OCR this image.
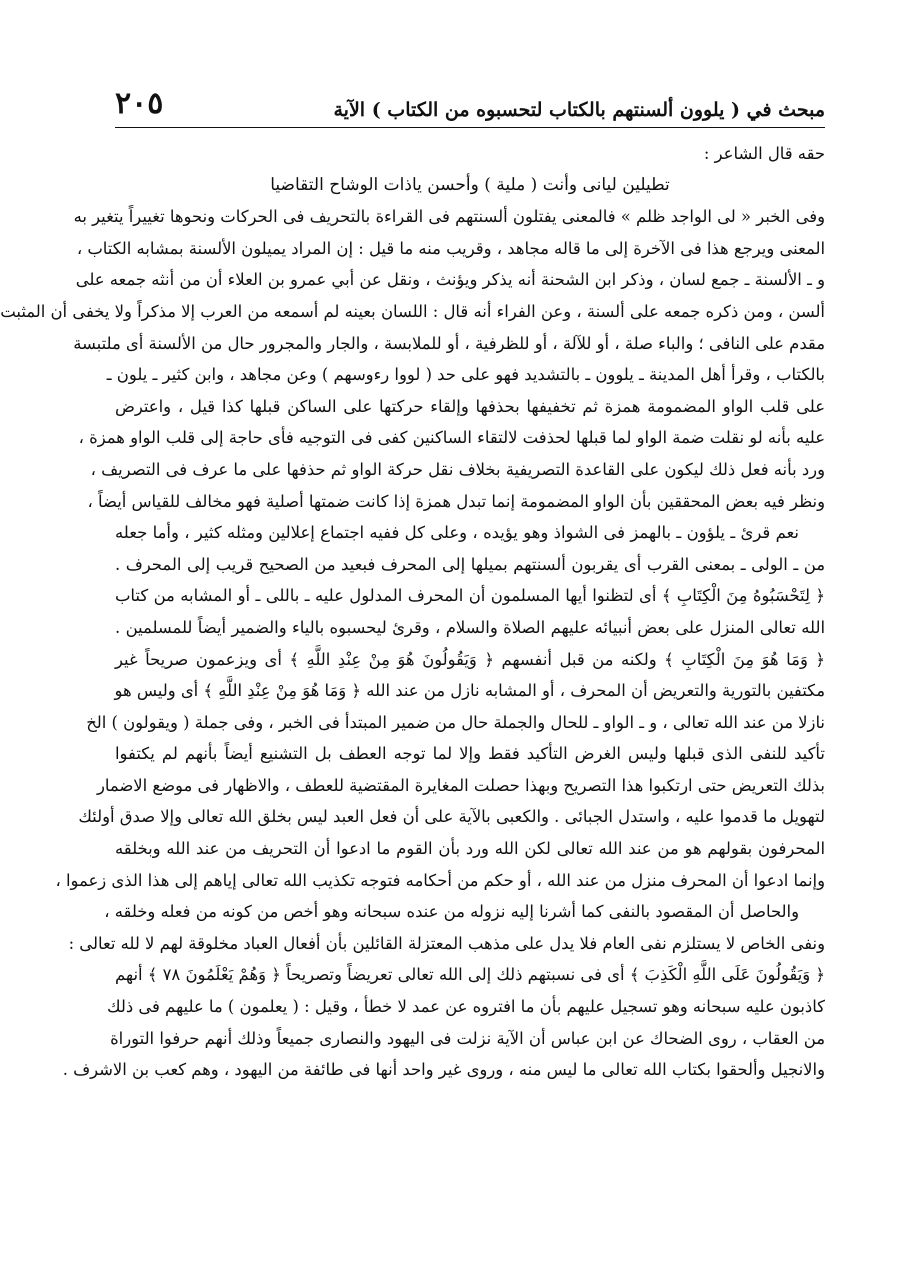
مبحث في ( يلوون ألسنتهم بالكتاب لتحسبوه من الكتاب ) الآية
٢٠٥
حقه قال الشاعر :
تطيلين ليانى وأنت ( ملية ) وأحسن ياذات الوشاح التقاضيا
وفى الخبر « لى الواجد ظلم » فالمعنى يفتلون ألسنتهم فى القراءة بالتحريف فى الحركات ونحوها تغييراً يتغير به
المعنى ويرجع هذا فى الآخرة إلى ما قاله مجاهد ، وقريب منه ما قيل : إن المراد يميلون الألسنة بمشابه الكتاب ،
و ـ الألسنة ـ جمع لسان ، وذكر ابن الشحنة أنه يذكر ويؤنث ، ونقل عن أبي عمرو بن العلاء أن من أنثه جمعه على
ألسن ، ومن ذكره جمعه على ألسنة ، وعن الفراء أنه قال : اللسان بعينه لم أسمعه من العرب إلا مذكراً ولا يخفى أن المثبت
مقدم على النافى ؛ والباء صلة ، أو للآلة ، أو للظرفية ، أو للملابسة ، والجار والمجرور حال من الألسنة أى ملتبسة
بالكتاب ، وقرأ أهل المدينة ـ يلوون ـ بالتشديد فهو على حد ( لووا رءوسهم ) وعن مجاهد ، وابن كثير ـ يلون ـ
على قلب الواو المضمومة همزة ثم تخفيفها بحذفها وإلقاء حركتها على الساكن قبلها كذا قيل ، واعترض
عليه بأنه لو نقلت ضمة الواو لما قبلها لحذفت لالتقاء الساكنين كفى فى التوجيه فأى حاجة إلى قلب الواو همزة ،
ورد بأنه فعل ذلك ليكون على القاعدة التصريفية بخلاف نقل حركة الواو ثم حذفها على ما عرف فى التصريف ،
ونظر فيه بعض المحققين بأن الواو المضمومة إنما تبدل همزة إذا كانت ضمتها أصلية فهو مخالف للقياس أيضاً ،
نعم قرئ ـ يلؤون ـ بالهمز فى الشواذ وهو يؤيده ، وعلى كل ففيه اجتماع إعلالين ومثله كثير ، وأما جعله
من ـ الولى ـ بمعنى القرب أى يقربون ألسنتهم بميلها إلى المحرف فبعيد من الصحيح قريب إلى المحرف .
﴿ لِتَحْسَبُوهُ مِنَ الْكِتَابِ ﴾ أى لتظنوا أيها المسلمون أن المحرف المدلول عليه ـ باللى ـ أو المشابه من كتاب
الله تعالى المنزل على بعض أنبيائه عليهم الصلاة والسلام ، وقرئ ليحسبوه بالياء والضمير أيضاً للمسلمين .
﴿ وَمَا هُوَ مِنَ الْكِتَابِ ﴾ ولكنه من قبل أنفسهم ﴿ وَيَقُولُونَ هُوَ مِنْ عِنْدِ اللَّهِ ﴾ أى ويزعمون صريحاً غير
مكتفين بالتورية والتعريض أن المحرف ، أو المشابه نازل من عند الله ﴿ وَمَا هُوَ مِنْ عِنْدِ اللَّهِ ﴾ أى وليس هو
نازلا من عند الله تعالى ، و ـ الواو ـ للحال والجملة حال من ضمير المبتدأ فى الخبر ، وفى جملة ( ويقولون ) الخ
تأكيد للنفى الذى قبلها وليس الغرض التأكيد فقط وإلا لما توجه العطف بل التشنيع أيضاً بأنهم لم يكتفوا
بذلك التعريض حتى ارتكبوا هذا التصريح وبهذا حصلت المغايرة المقتضية للعطف ، والاظهار فى موضع الاضمار
لتهويل ما قدموا عليه ، واستدل الجبائى . والكعبى بالآية على أن فعل العبد ليس بخلق الله تعالى وإلا صدق أولئك
المحرفون بقولهم هو من عند الله تعالى لكن الله ورد بأن القوم ما ادعوا أن التحريف من عند الله وبخلقه
وإنما ادعوا أن المحرف منزل من عند الله ، أو حكم من أحكامه فتوجه تكذيب الله تعالى إياهم إلى هذا الذى زعموا ،
والحاصل أن المقصود بالنفى كما أشرنا إليه نزوله من عنده سبحانه وهو أخص من كونه من فعله وخلقه ،
ونفى الخاص لا يستلزم نفى العام فلا يدل على مذهب المعتزلة القائلين بأن أفعال العباد مخلوقة لهم لا لله تعالى :
﴿ وَيَقُولُونَ عَلَى اللَّهِ الْكَذِبَ ﴾ أى فى نسبتهم ذلك إلى الله تعالى تعريضاً وتصريحاً ﴿ وَهُمْ يَعْلَمُونَ ٧٨ ﴾ أنهم
كاذبون عليه سبحانه وهو تسجيل عليهم بأن ما افتروه عن عمد لا خطأ ، وقيل : ( يعلمون ) ما عليهم فى ذلك
من العقاب ، روى الضحاك عن ابن عباس أن الآية نزلت فى اليهود والنصارى جميعاً وذلك أنهم حرفوا التوراة
والانجيل وألحقوا بكتاب الله تعالى ما ليس منه ، وروى غير واحد أنها فى طائفة من اليهود ، وهم كعب بن الاشرف .
